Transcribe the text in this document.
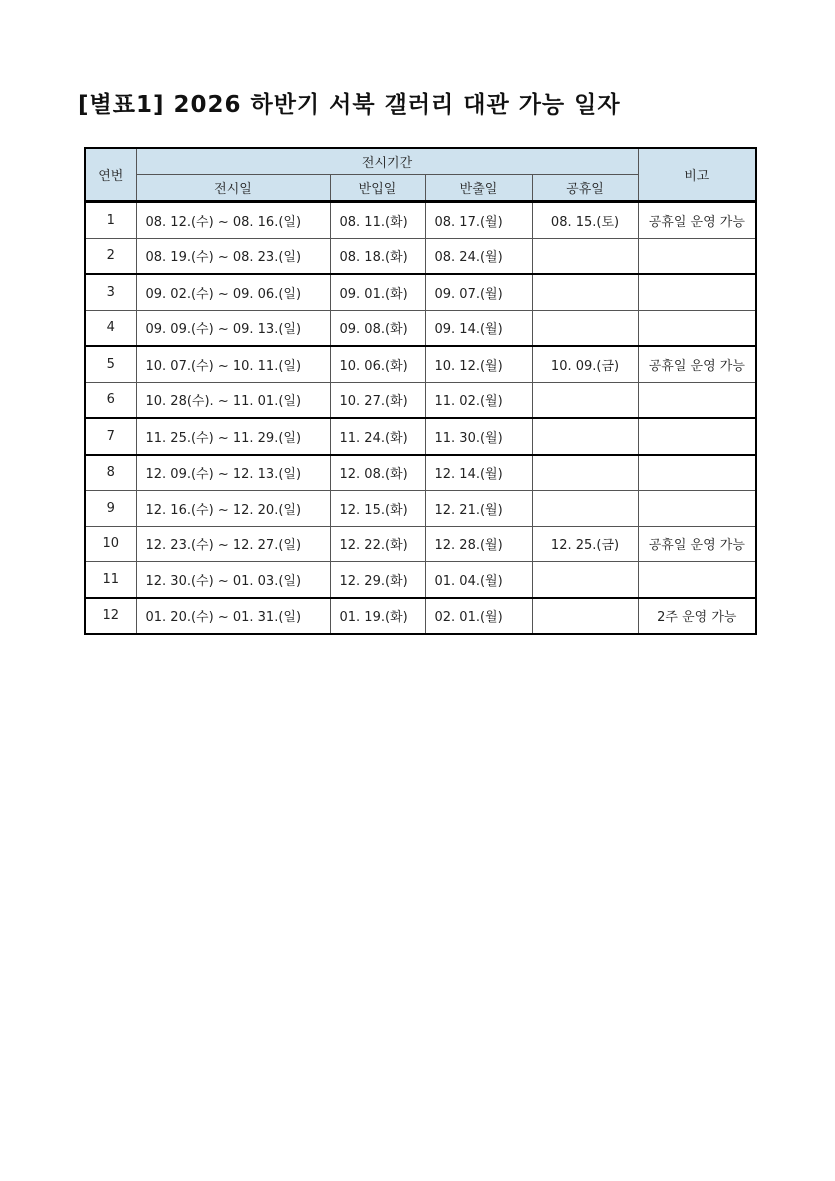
[별표1] 2026 하반기 서북 갤러리 대관 가능 일자
연번	전시기간				비고
	전시일	반입일	반출일	공휴일	
1	08. 12.(수) ~ 08. 16.(일)	08. 11.(화)	08. 17.(월)	08. 15.(토)	공휴일 운영 가능
2	08. 19.(수) ~ 08. 23.(일)	08. 18.(화)	08. 24.(월)		
3	09. 02.(수) ~ 09. 06.(일)	09. 01.(화)	09. 07.(월)		
4	09. 09.(수) ~ 09. 13.(일)	09. 08.(화)	09. 14.(월)		
5	10. 07.(수) ~ 10. 11.(일)	10. 06.(화)	10. 12.(월)	10. 09.(금)	공휴일 운영 가능
6	10. 28(수). ~ 11. 01.(일)	10. 27.(화)	11. 02.(월)		
7	11. 25.(수) ~ 11. 29.(일)	11. 24.(화)	11. 30.(월)		
8	12. 09.(수) ~ 12. 13.(일)	12. 08.(화)	12. 14.(월)		
9	12. 16.(수) ~ 12. 20.(일)	12. 15.(화)	12. 21.(월)		
10	12. 23.(수) ~ 12. 27.(일)	12. 22.(화)	12. 28.(월)	12. 25.(금)	공휴일 운영 가능
11	12. 30.(수) ~ 01. 03.(일)	12. 29.(화)	01. 04.(월)		
12	01. 20.(수) ~ 01. 31.(일)	01. 19.(화)	02. 01.(월)		2주 운영 가능
